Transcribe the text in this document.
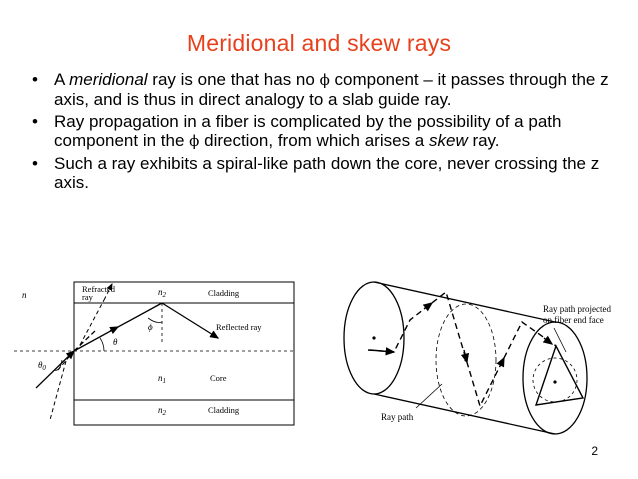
Meridional and skew rays
• A meridional ray is one that has no ϕ component – it passes through the z axis, and is thus in direct analogy to a slab guide ray.
• Ray propagation in a fiber is complicated by the possibility of a path component in the ϕ direction, from which arises a skew ray.
• Such a ray exhibits a spiral-like path down the core, never crossing the z axis.
n
Refracted
ray	$n_2$	Cladding
Reflected ray
ϕ
θ
$\theta_0$
$n_1$	Core
$n_2$	Cladding
Ray path projected
on fiber end face
Ray path
2
